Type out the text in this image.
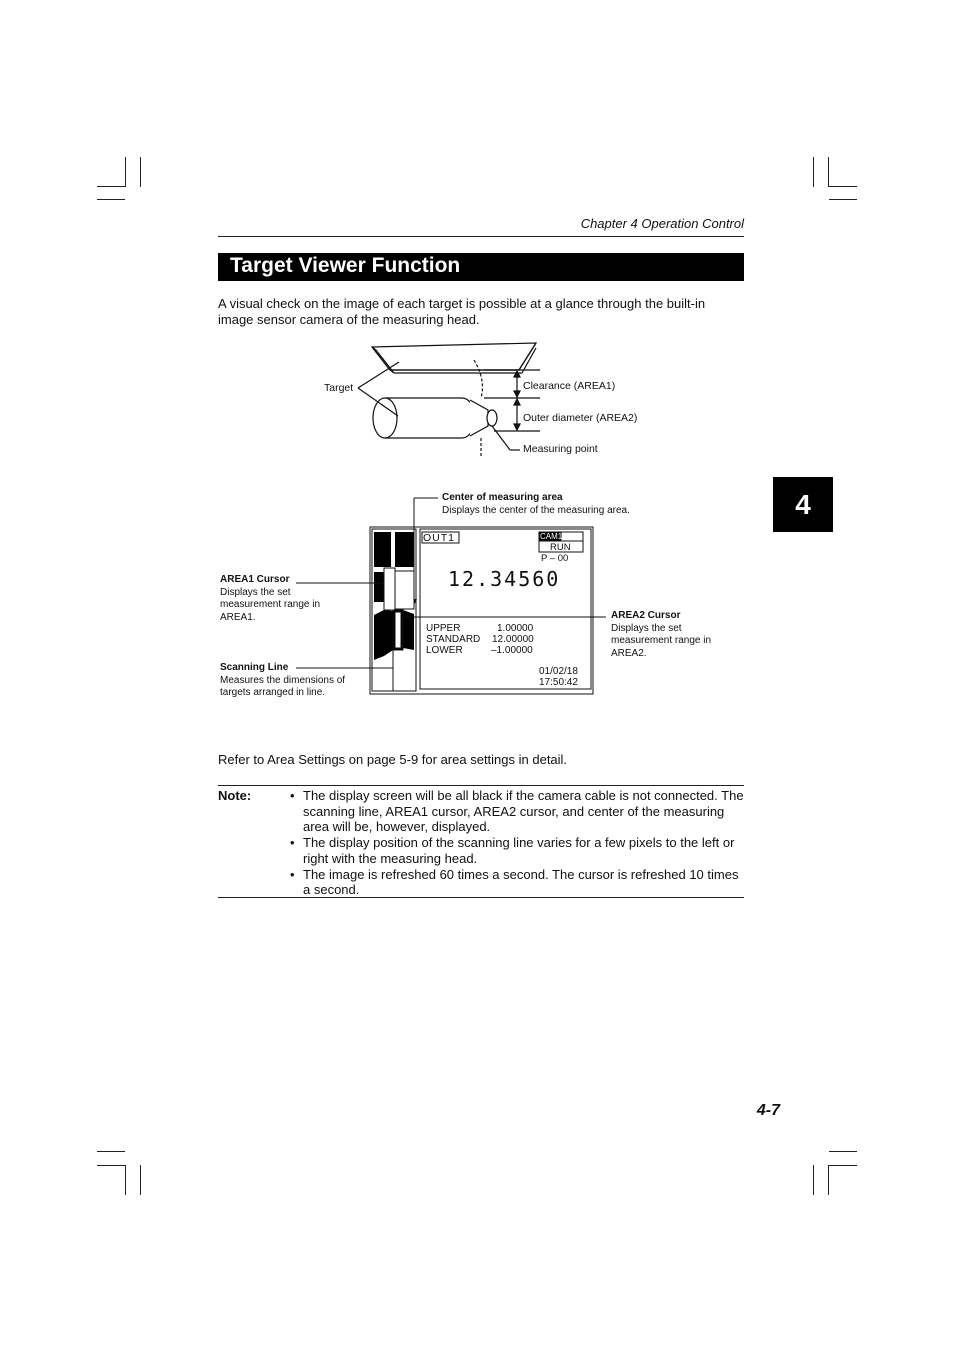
Chapter 4 Operation Control
Target Viewer Function
A visual check on the image of each target is possible at a glance through the built-in image sensor camera of the measuring head.
4
Target	Clearance (AREA1)
Outer diameter (AREA2)
Measuring point
OUT1	CAM1
RUN
P – 00
12.34560
UPPER	1.00000
STANDARD 12.00000
LOWER	–1.00000
01/02/18
17:50:42
Center of measuring area
Displays the center of the measuring area.
AREA1 Cursor
Displays the set measurement range in AREA1.	AREA2 Cursor
Displays the set measurement range in AREA2.
Scanning Line
Measures the dimensions of targets arranged in line.
Refer to Area Settings on page 5-9 for area settings in detail.
Note:
•	The display screen will be all black if the camera cable is not connected. The scanning line, AREA1 cursor, AREA2 cursor, and center of the measuring area will be, however, displayed.
• The display position of the scanning line varies for a few pixels to the left or right with the measuring head.
• The image is refreshed 60 times a second. The cursor is refreshed 10 times a second.
4-7
